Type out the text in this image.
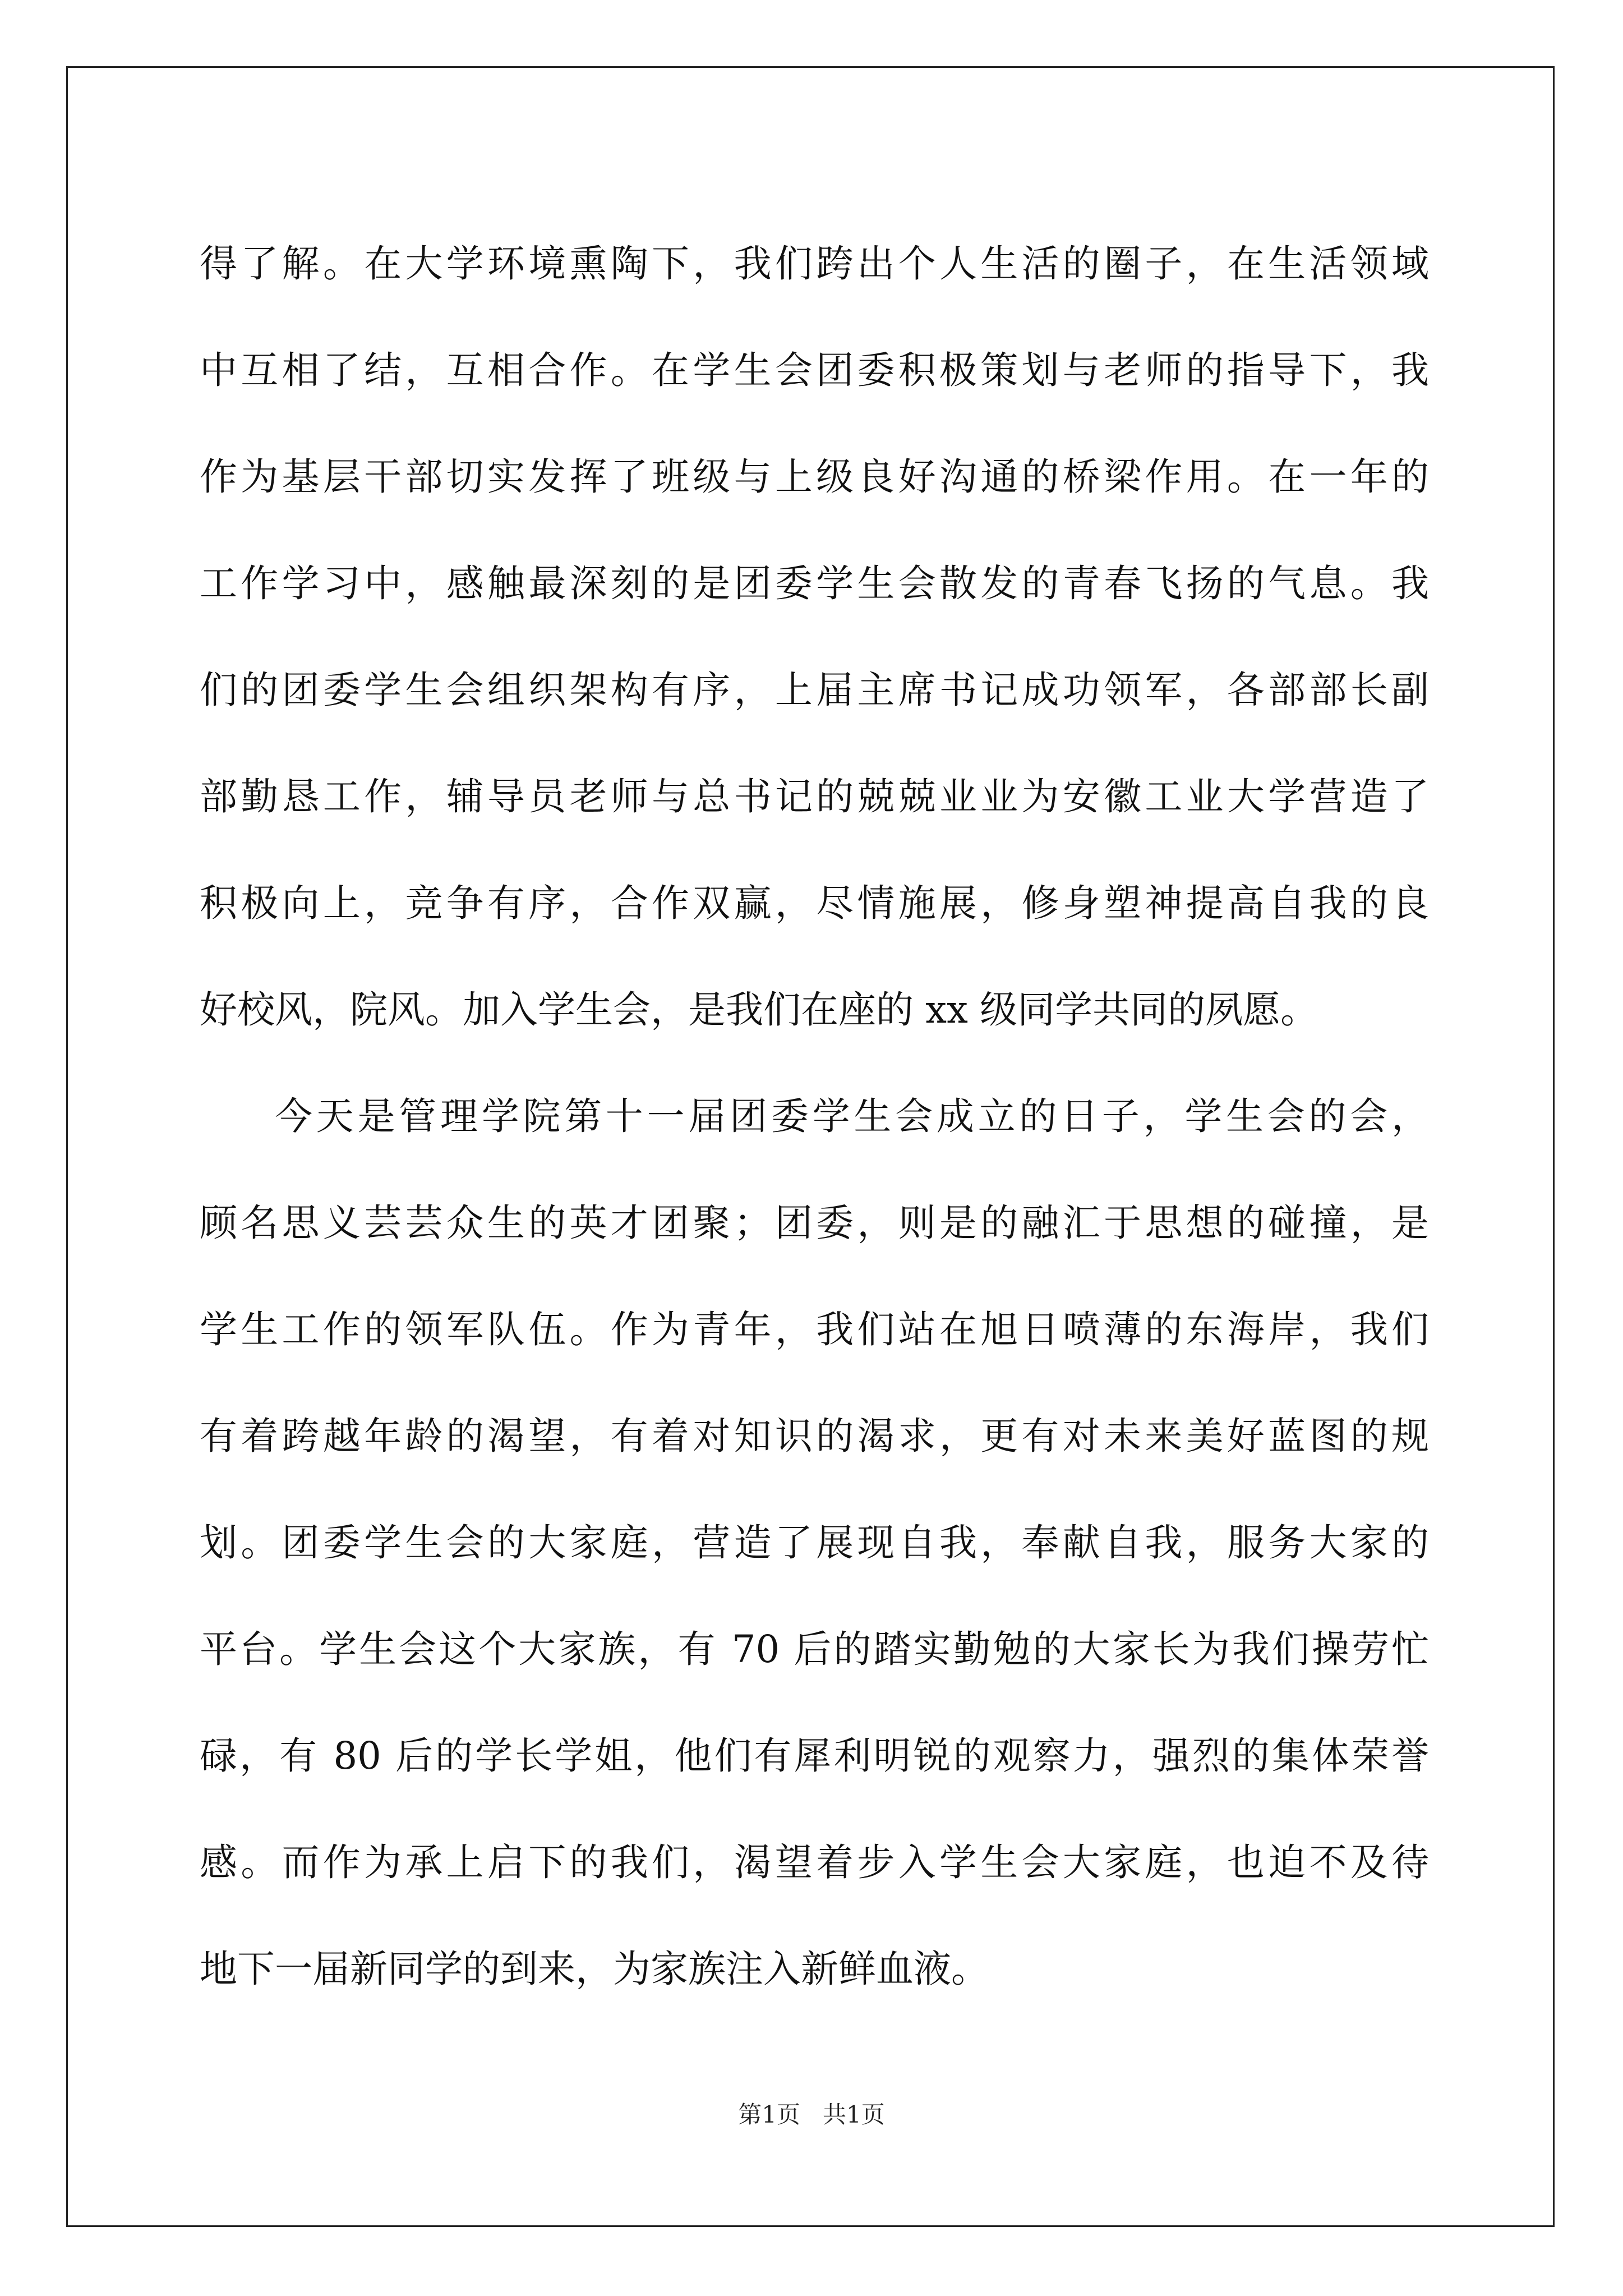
得了解。在大学环境熏陶下，我们跨出个人生活的圈子，在生活领域
中互相了结，互相合作。在学生会团委积极策划与老师的指导下，我
作为基层干部切实发挥了班级与上级良好沟通的桥梁作用。在一年的
工作学习中，感触最深刻的是团委学生会散发的青春飞扬的气息。我
们的团委学生会组织架构有序，上届主席书记成功领军，各部部长副
部勤恳工作，辅导员老师与总书记的兢兢业业为安徽工业大学营造了
积极向上，竞争有序，合作双赢，尽情施展，修身塑神提高自我的良
好校风，院风。加入学生会，是我们在座的 xx 级同学共同的夙愿。
今天是管理学院第十一届团委学生会成立的日子，学生会的会，
顾名思义芸芸众生的英才团聚；团委，则是的融汇于思想的碰撞，是
学生工作的领军队伍。作为青年，我们站在旭日喷薄的东海岸，我们
有着跨越年龄的渴望，有着对知识的渴求，更有对未来美好蓝图的规
划。团委学生会的大家庭，营造了展现自我，奉献自我，服务大家的
平台。学生会这个大家族，有 70 后的踏实勤勉的大家长为我们操劳忙
碌，有 80 后的学长学姐，他们有犀利明锐的观察力，强烈的集体荣誉
感。而作为承上启下的我们，渴望着步入学生会大家庭，也迫不及待
地下一届新同学的到来，为家族注入新鲜血液。
第1页   共1页
